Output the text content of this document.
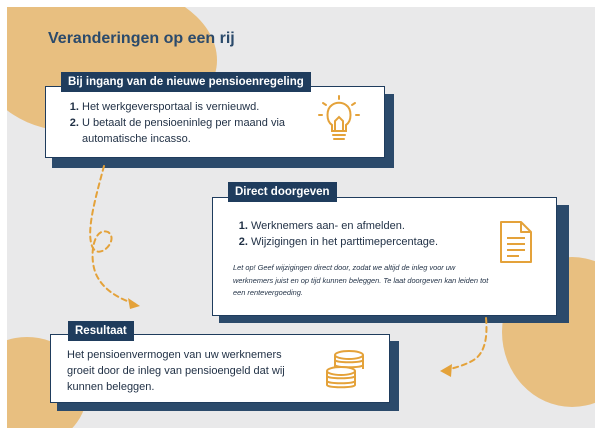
Veranderingen op een rij
1. Het werkgeversportaal is vernieuwd.
2. U betaalt de pensioeninleg per maand via automatische incasso.
Bij ingang van de nieuwe pensioenregeling
1. Werknemers aan- en afmelden.
2. Wijzigingen in het parttimepercentage.
Let op! Geef wijzigingen direct door, zodat we altijd de inleg voor uw werknemers juist en op tijd kunnen beleggen. Te laat doorgeven kan leiden tot een rentevergoeding.
Direct doorgeven
Het pensioenvermogen van uw werknemers groeit door de inleg van pensioengeld dat wij kunnen beleggen.
Resultaat
